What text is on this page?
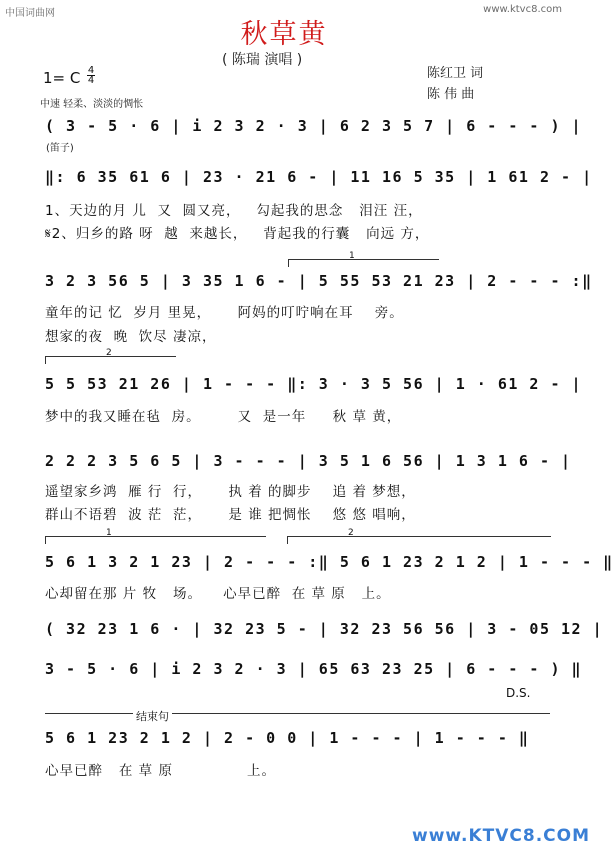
中国词曲网	www.ktvc8.com
秋草黄
( 陈瑞 演唱 )
陈红卫 词
陈 伟 曲
1= C 4
4
中速 轻柔、淡淡的惆怅
( 3 - 5 · 6 | i 2 3 2 · 3 | 6 2 3 5 7 | 6 - - - ) |
(笛子)
‖: 6 35 61 6 | 23 · 21 6 - | 11 16 5 35 | 1 61 2 - |
1、天边的月 儿  又  圆又亮，   勾起我的思念   泪汪 汪，
𝄋2、归乡的路 呀  越  来越长，   背起我的行囊   向远 方，
1
3 2 3 56 5 | 3 35 1 6 - | 5 55 53 21 23 | 2 - - - :‖
童年的记 忆  岁月 里晃，     阿妈的叮咛响在耳    旁。
想家的夜  晚  饮尽 凄凉，
2
5 5 53 21 26 | 1 - - - ‖: 3 · 3 5 56 | 1 · 61 2 - |
梦中的我又睡在毡  房。       又  是一年     秋 草 黄，
2 2 2 3 5 6 5 | 3 - - - | 3 5 1 6 56 | 1 3 1 6 - |
遥望家乡鸿  雁 行  行，     执 着 的脚步    追 着 梦想，
群山不语碧  波 茫  茫，     是 谁 把惆怅    悠 悠 唱响，
1	2
5 6 1 3 2 1 23 | 2 - - - :‖ 5 6 1 23 2 1 2 | 1 - - - ‖
心却留在那 片 牧   场。    心早已醉  在 草 原   上。
( 32 23 1 6 · | 32 23 5 - | 32 23 56 56 | 3 - 05 12 |
3 - 5 · 6 | i 2 3 2 · 3 | 65 63 23 25 | 6 - - - ) ‖
D.S.
结束句
5 6 1 23 2 1 2 | 2 - 0 0 | 1 - - - | 1 - - - ‖
心早已醉   在 草 原              上。
www.KTVC8.COM
